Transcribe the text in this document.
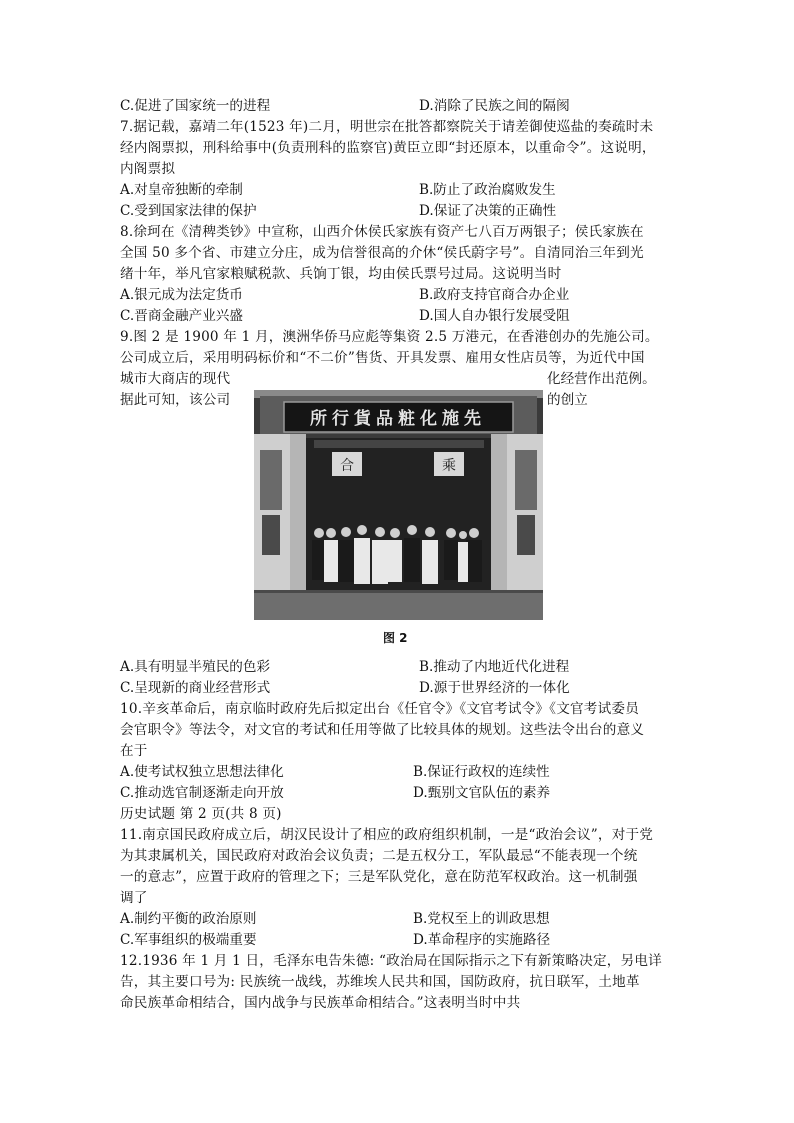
C.促进了国家统一的进程	D.消除了民族之间的隔阂
7.据记载，嘉靖二年(1523 年)二月，明世宗在批答都察院关于请差御使巡盐的奏疏时未
经内阁票拟，刑科给事中(负责刑科的监察官)黄臣立即“封还原本，以重命令”。这说明，
内阁票拟
A.对皇帝独断的牵制	B.防止了政治腐败发生
C.受到国家法律的保护	D.保证了决策的正确性
8.徐珂在《清稗类钞》中宣称，山西介休侯氏家族有资产七八百万两银子；侯氏家族在
全国 50 多个省、市建立分庄，成为信誉很高的介休“侯氏蔚字号”。自清同治三年到光
绪十年，举凡官家粮赋税款、兵饷丁银，均由侯氏票号过局。这说明当时
A.银元成为法定货币	B.政府支持官商合办企业
C.晋商金融产业兴盛	D.国人自办银行发展受阻
9.图 2 是 1900 年 1 月，澳洲华侨马应彪等集资 2.5 万港元，在香港创办的先施公司。
公司成立后，采用明码标价和“不二价”售货、开具发票、雇用女性店员等，为近代中国
城市大商店的现代	化经营作出范例。
据此可知，该公司	的创立
所行貨品粧化施先
合	乘
图 2
A.具有明显半殖民的色彩	B.推动了内地近代化进程
C.呈现新的商业经营形式	D.源于世界经济的一体化
10.辛亥革命后，南京临时政府先后拟定出台《任官令》《文官考试令》《文官考试委员
会官职令》等法令，对文官的考试和任用等做了比较具体的规划。这些法令出台的意义
在于
A.使考试权独立思想法律化	B.保证行政权的连续性
C.推动选官制逐渐走向开放	D.甄别文官队伍的素养
历史试题 第 2 页(共 8 页)
11.南京国民政府成立后，胡汉民设计了相应的政府组织机制，一是“政治会议”，对于党
为其隶属机关，国民政府对政治会议负责；二是五权分工，军队最忌“不能表现一个统
一的意志”，应置于政府的管理之下；三是军队党化，意在防范军权政治。这一机制强
调了
A.制约平衡的政治原则	B.党权至上的训政思想
C.军事组织的极端重要	D.革命程序的实施路径
12.1936 年 1 月 1 日，毛泽东电告朱德: “政治局在国际指示之下有新策略决定，另电详
告，其主要口号为: 民族统一战线，苏维埃人民共和国，国防政府，抗日联军，土地革
命民族革命相结合，国内战争与民族革命相结合。”这表明当时中共
